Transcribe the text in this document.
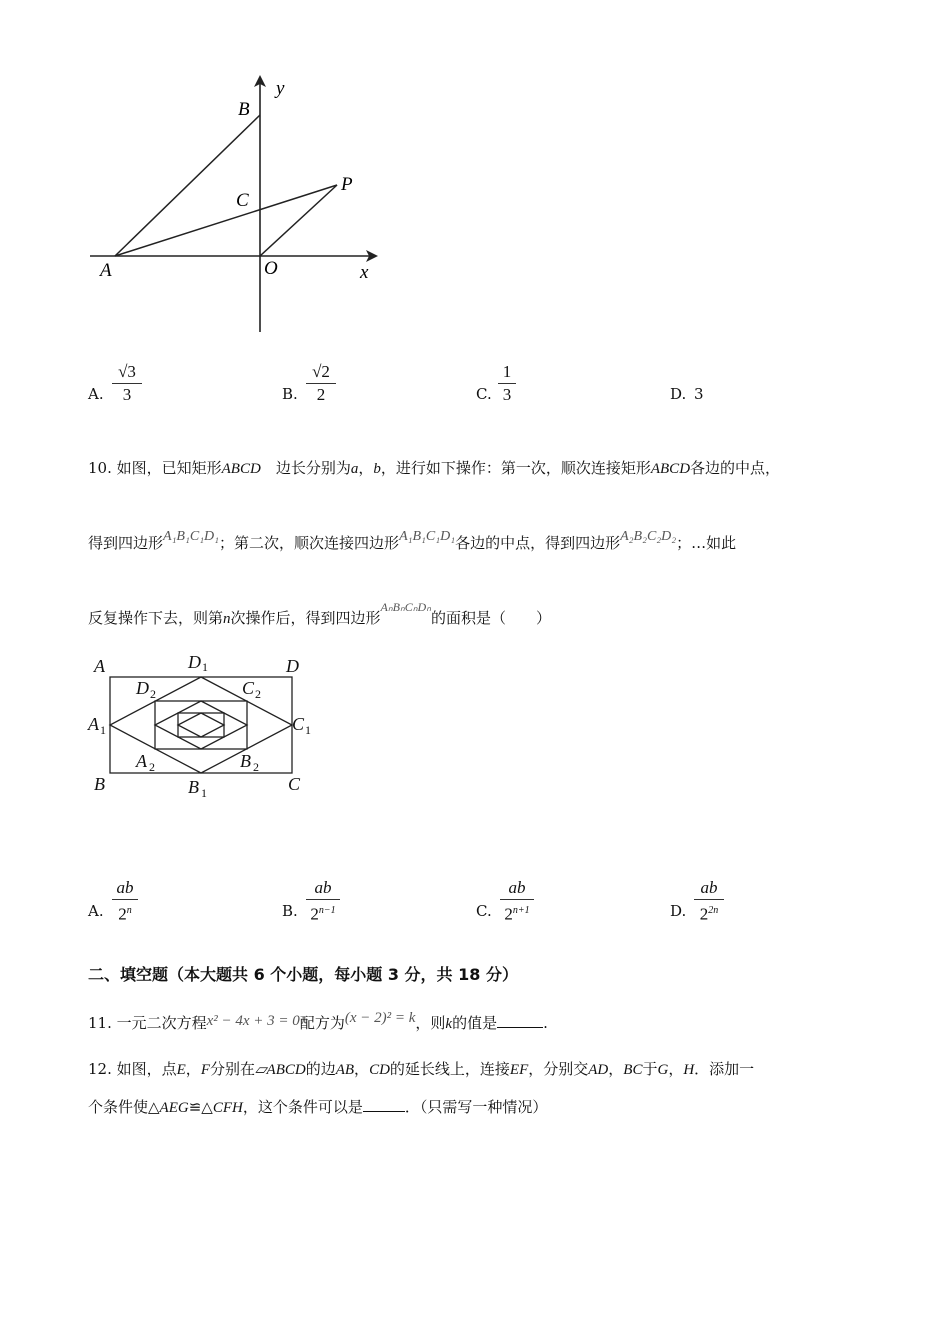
B
y
C
P
A	O	x
A.
√3
3	B.
√2
2	C.
1
3	D. 3
10. 如图，已知矩形ABCD　 边长分别为a，b，进行如下操作：第一次，顺次连接矩形ABCD各边的中点，
得到四边形A₁B₁C₁D₁；第二次，顺次连接四边形A₁B₁C₁D₁各边的中点，得到四边形A₂B₂C₂D₂；…如此
反复操作下去，则第n次操作后，得到四边形$^{A_nB_nC_nD_n}$的面积是（　　）
A	D 1	D
D 2	C 2
A 1	C 1
A 2	B 2
B	B 1	C
A.
ab
2$^n$	B.
ab
$2^{n-1}$	C.
ab
$2^{n+1}$	D.
ab
$2^{2n}$
二、填空题（本大题共 6 个小题，每小题 3 分，共 18 分）
11. 一元二次方程x² − 4x + 3 = 0配方为(x − 2)² = k，则k的值是	.
12. 如图，点E，F分别在▱ABCD的边AB，CD的延长线上，连接EF，分别交AD，BC于G，H．添加一
个条件使△AEG≌△CFH，这个条件可以是	．（只需写一种情况）
